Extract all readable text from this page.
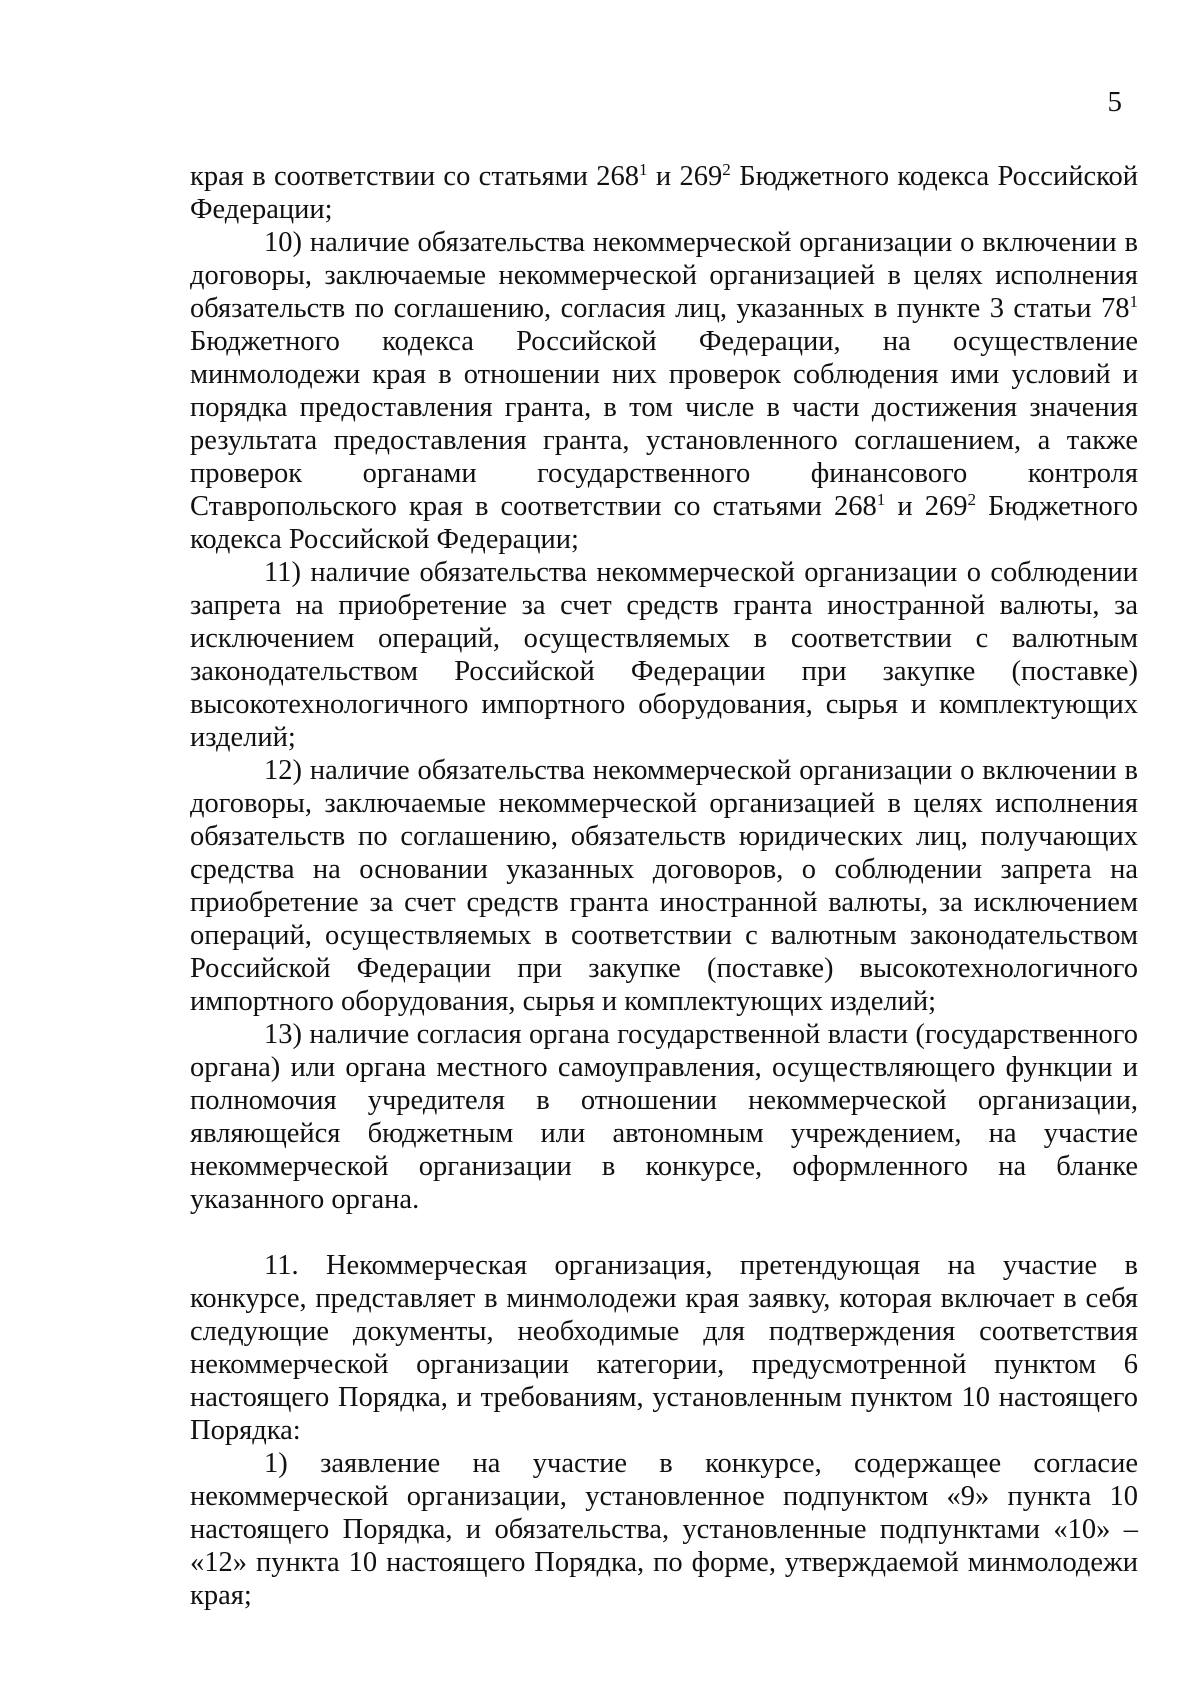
5

края в соответствии со статьями $268^1$ и $269^2$ Бюджетного кодекса Российской Федерации;

10) наличие обязательства некоммерческой организации о включении в договоры, заключаемые некоммерческой организацией в целях исполнения обязательств по соглашению, согласия лиц, указанных в пункте 3 статьи $78^1$ Бюджетного кодекса Российской Федерации, на осуществление минмолодежи края в отношении них проверок соблюдения ими условий и порядка предоставления гранта, в том числе в части достижения значения результата предоставления гранта, установленного соглашением, а также проверок органами государственного финансового контроля Ставропольского края в соответствии со статьями $268^1$ и $269^2$ Бюджетного кодекса Российской Федерации;

11) наличие обязательства некоммерческой организации о соблюдении запрета на приобретение за счет средств гранта иностранной валюты, за исключением операций, осуществляемых в соответствии с валютным законодательством Российской Федерации при закупке (поставке) высокотехнологичного импортного оборудования, сырья и комплектующих изделий;

12) наличие обязательства некоммерческой организации о включении в договоры, заключаемые некоммерческой организацией в целях исполнения обязательств по соглашению, обязательств юридических лиц, получающих средства на основании указанных договоров, о соблюдении запрета на приобретение за счет средств гранта иностранной валюты, за исключением операций, осуществляемых в соответствии с валютным законодательством Российской Федерации при закупке (поставке) высокотехнологичного импортного оборудования, сырья и комплектующих изделий;

13) наличие согласия органа государственной власти (государственного органа) или органа местного самоуправления, осуществляющего функции и полномочия учредителя в отношении некоммерческой организации, являющейся бюджетным или автономным учреждением, на участие некоммерческой организации в конкурсе, оформленного на бланке указанного органа.

11. Некоммерческая организация, претендующая на участие в конкурсе, представляет в минмолодежи края заявку, которая включает в себя следующие документы, необходимые для подтверждения соответствия некоммерческой организации категории, предусмотренной пунктом 6 настоящего Порядка, и требованиям, установленным пунктом 10 настоящего Порядка:

1) заявление на участие в конкурсе, содержащее согласие некоммерческой организации, установленное подпунктом «9» пункта 10 настоящего Порядка, и обязательства, установленные подпунктами «10» – «12» пункта 10 настоящего Порядка, по форме, утверждаемой минмолодежи края;
